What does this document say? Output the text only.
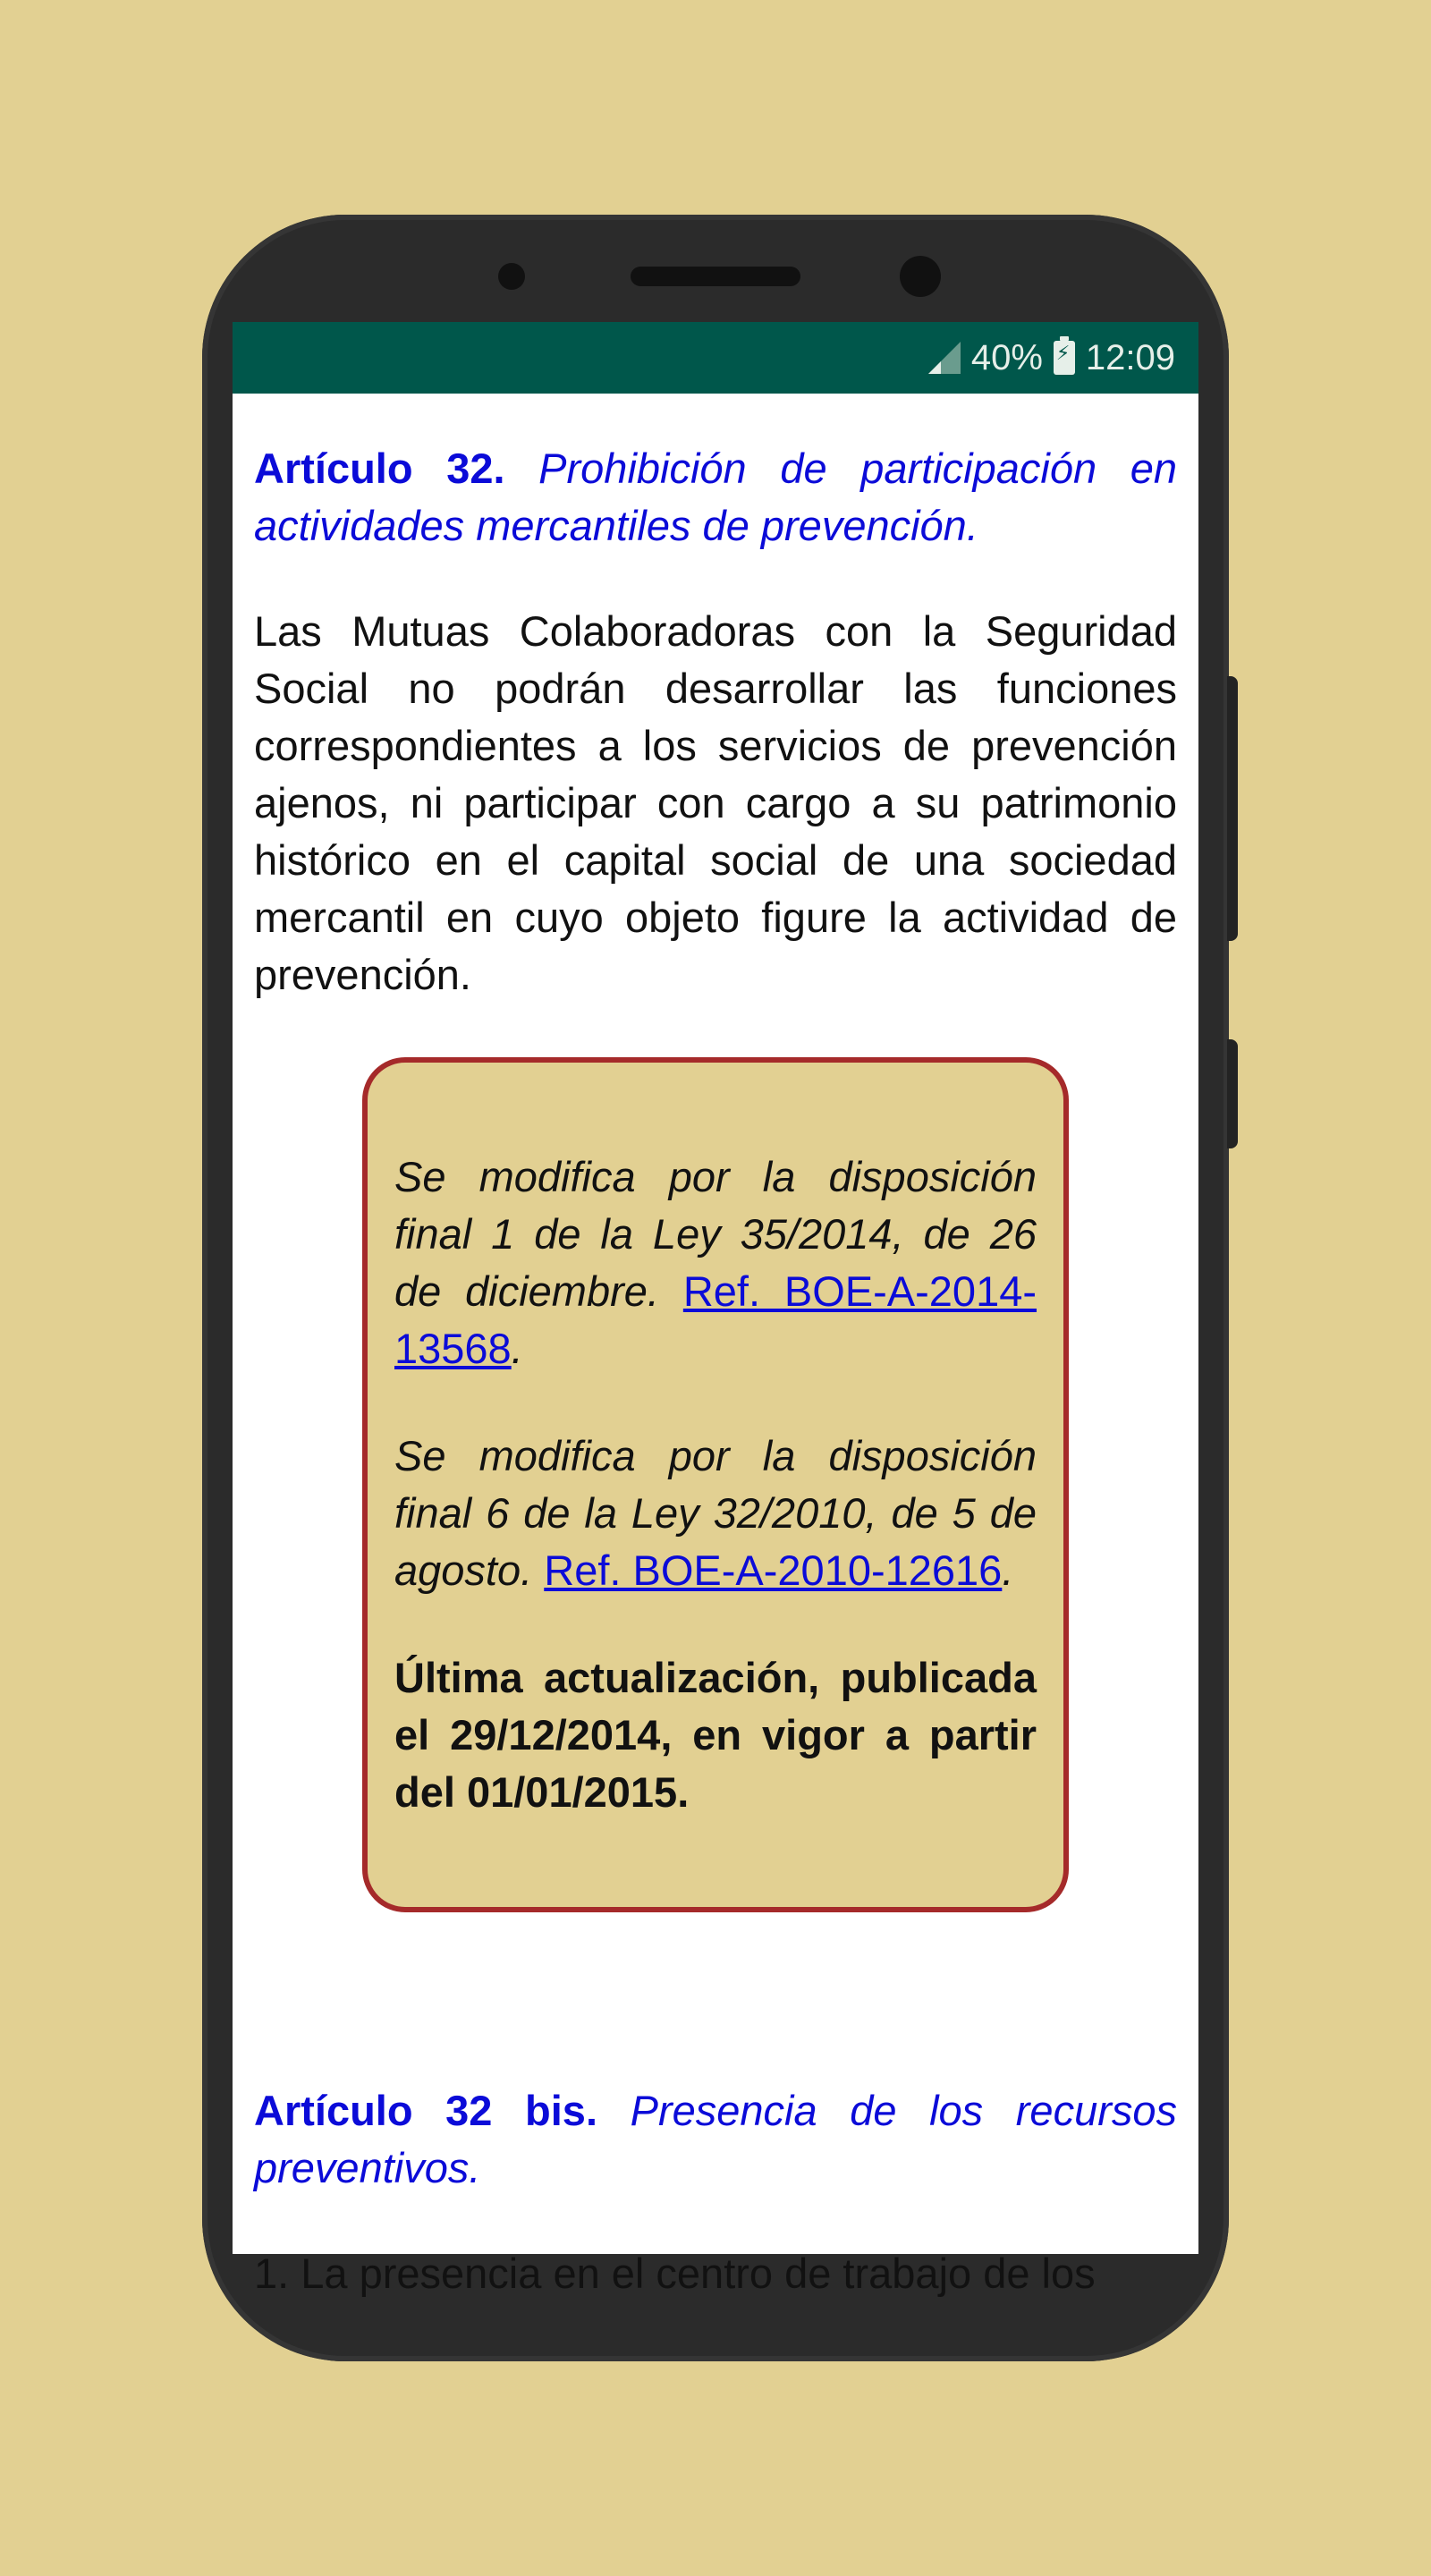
40%
⚡ 12:09
Artículo 32. Prohibición de participación en actividades mercantiles de prevención.
Las Mutuas Colaboradoras con la Seguridad Social no podrán desarrollar las funciones correspondientes a los servicios de prevención ajenos, ni participar con cargo a su patrimonio histórico en el capital social de una sociedad mercantil en cuyo objeto figure la actividad de prevención.
Se modifica por la disposición final 1 de la Ley 35/2014, de 26 de diciembre. Ref. BOE-A-2014-13568.
Se modifica por la disposición final 6 de la Ley 32/2010, de 5 de agosto. Ref. BOE-A-2010-12616.
Última actualización, publicada el 29/12/2014, en vigor a partir del 01/01/2015.
Artículo 32 bis. Presencia de los recursos preventivos.
1. La presencia en el centro de trabajo de los
